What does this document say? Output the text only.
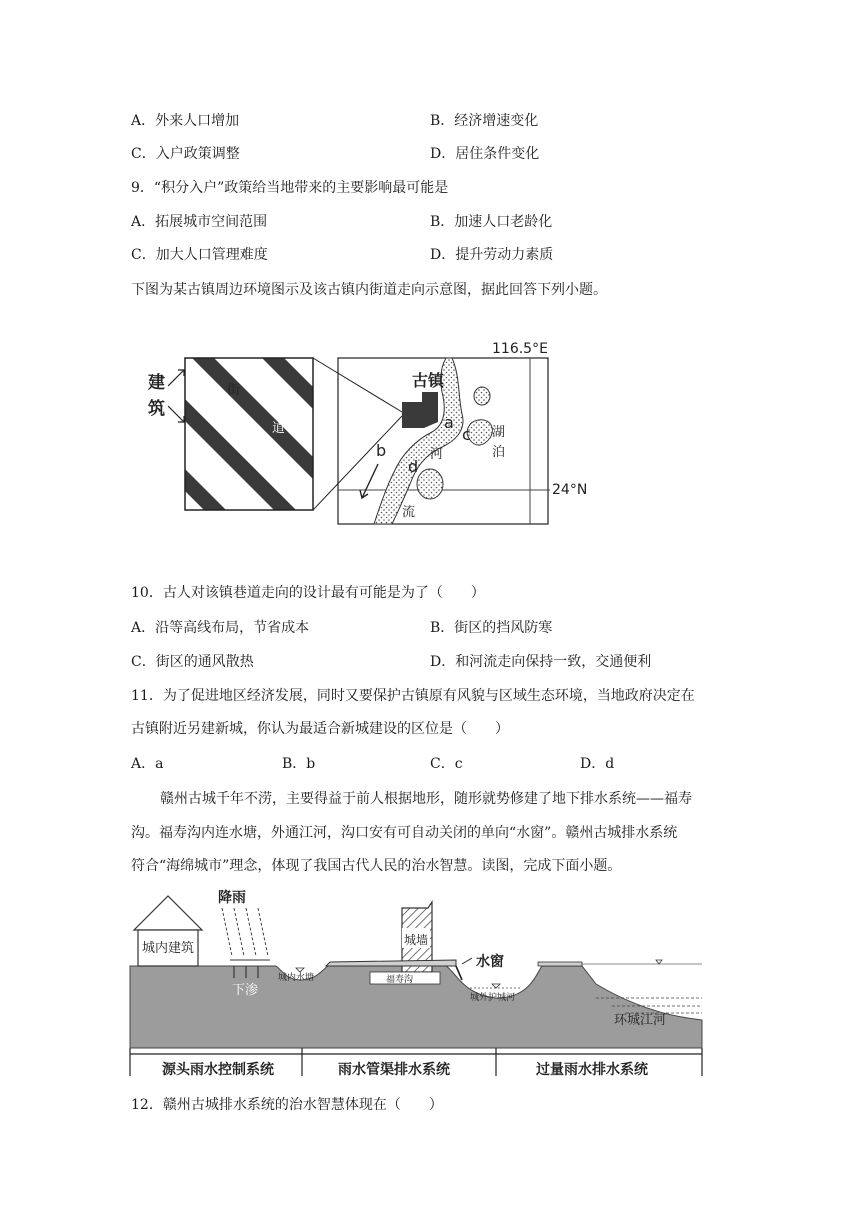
A．外来人口增加	B．经济增速变化
C．入户政策调整	D．居住条件变化
9．“积分入户”政策给当地带来的主要影响最可能是
A．拓展城市空间范围	B．加速人口老龄化
C．加大人口管理难度	D．提升劳动力素质
下图为某古镇周边环境图示及该古镇内街道走向示意图，据此回答下列小题。
街
道
建
筑
116.5°E
24°N
古镇
a
b
c
d
河
流
湖
泊
10．古人对该镇巷道走向的设计最有可能是为了（　　）
A．沿等高线布局，节省成本	B．街区的挡风防寒
C．街区的通风散热	D．和河流走向保持一致，交通便利
11．为了促进地区经济发展，同时又要保护古镇原有风貌与区域生态环境，当地政府决定在
古镇附近另建新城，你认为最适合新城建设的区位是（　　）
A．a	B．b	C．c	D．d
赣州古城千年不涝，主要得益于前人根据地形，随形就势修建了地下排水系统——福寿
沟。福寿沟内连水塘，外通江河，沟口安有可自动关闭的单向“水窗”。赣州古城排水系统
符合“海绵城市”理念，体现了我国古代人民的治水智慧。读图，完成下面小题。
城内建筑
降雨
下渗
城内水塘
城墙
福寿沟
水窗
城外护城河
环城江河
源头雨水控制系统	雨水管渠排水系统	过量雨水排水系统
12．赣州古城排水系统的治水智慧体现在（　　）
